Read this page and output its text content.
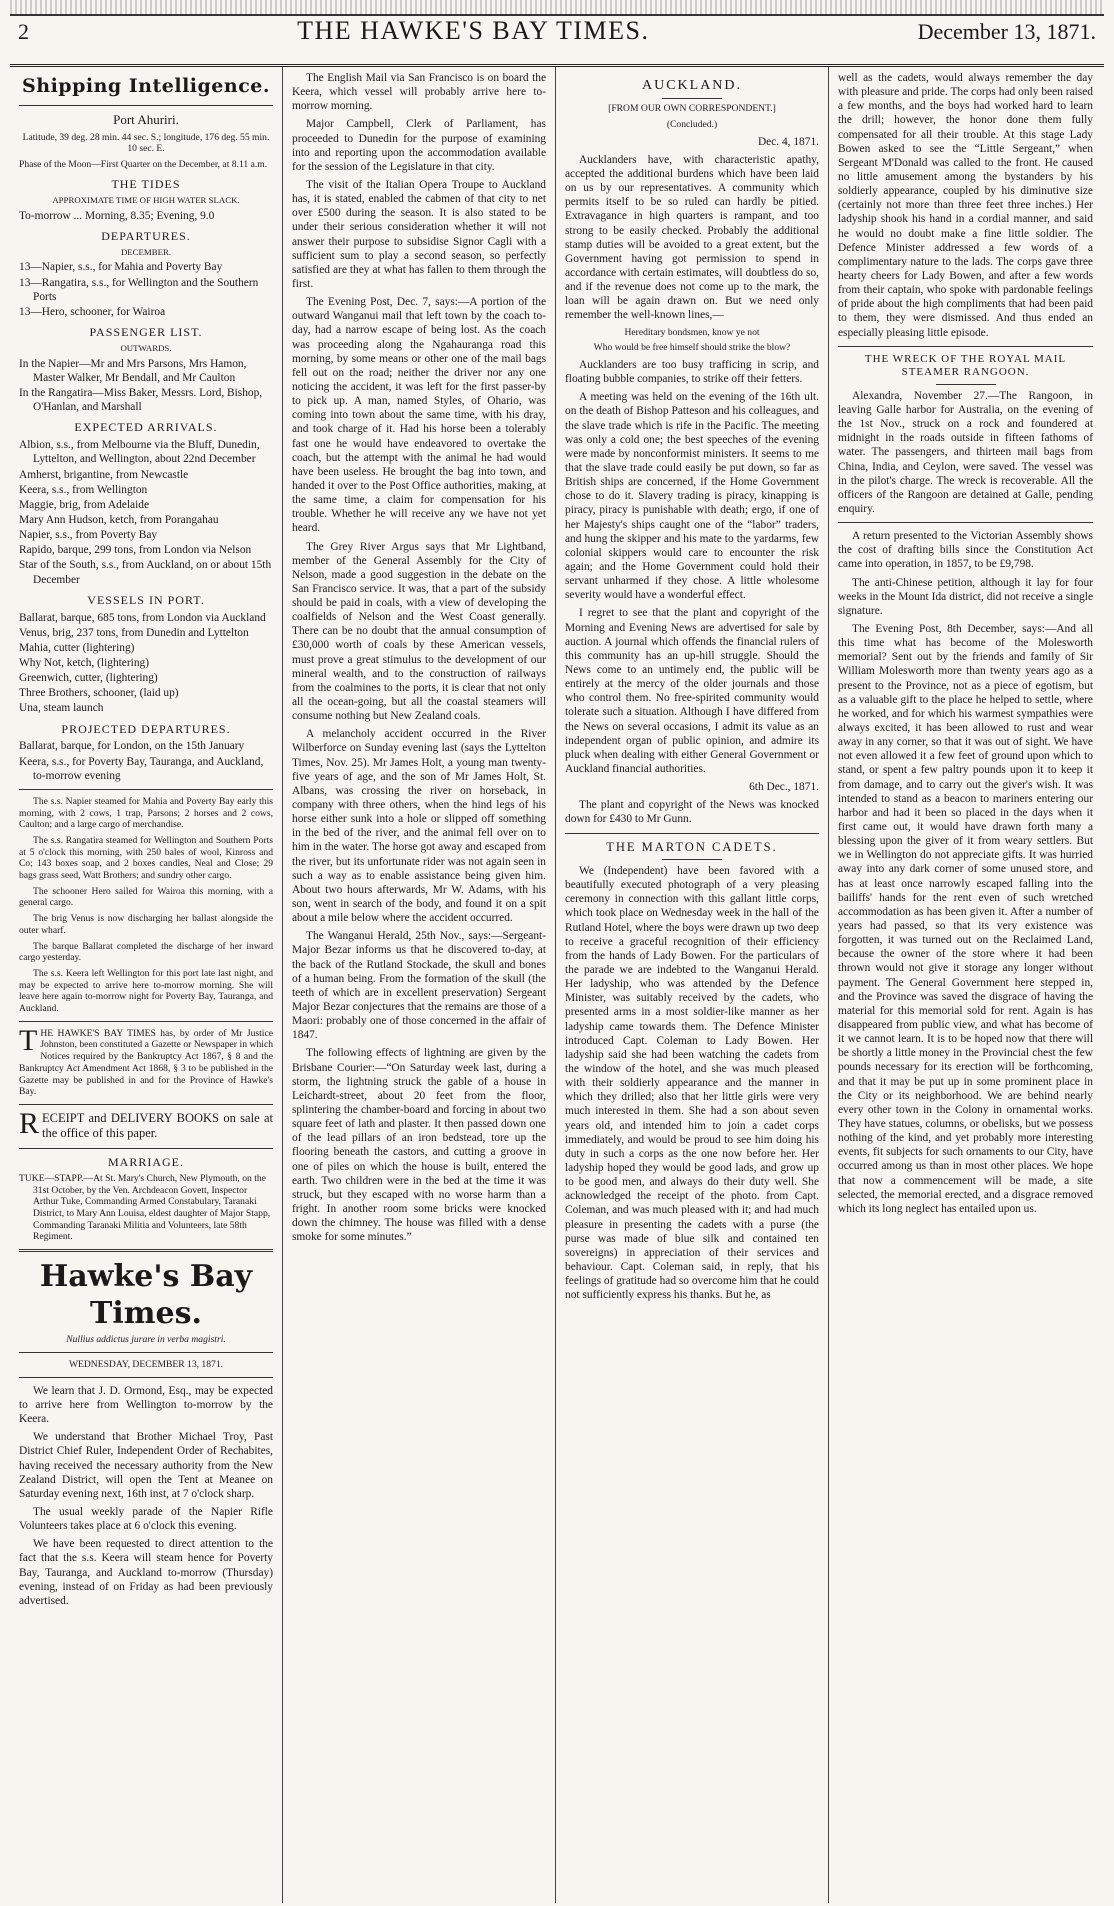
2	THE HAWKE'S BAY TIMES.	December 13, 1871.
Shipping Intelligence.

Port Ahuriri.

Latitude, 39 deg. 28 min. 44 sec. S.; longitude, 176 deg. 55 min. 10 sec. E.

Phase of the Moon—First Quarter on the December, at 8.11 a.m.

THE TIDES
APPROXIMATE TIME OF HIGH WATER SLACK.

To-morrow ... Morning, 8.35; Evening, 9.0

DEPARTURES.
DECEMBER.

13—Napier, s.s., for Mahia and Poverty Bay

13—Rangatira, s.s., for Wellington and the Southern Ports

13—Hero, schooner, for Wairoa

PASSENGER LIST.
OUTWARDS.

In the Napier—Mr and Mrs Parsons, Mrs Hamon, Master Walker, Mr Bendall, and Mr Caulton

In the Rangatira—Miss Baker, Messrs. Lord, Bishop, O'Hanlan, and Marshall

EXPECTED ARRIVALS.

Albion, s.s., from Melbourne via the Bluff, Dunedin, Lyttelton, and Wellington, about 22nd December

Amherst, brigantine, from Newcastle

Keera, s.s., from Wellington

Maggie, brig, from Adelaide

Mary Ann Hudson, ketch, from Porangahau

Napier, s.s., from Poverty Bay

Rapido, barque, 299 tons, from London via Nelson

Star of the South, s.s., from Auckland, on or about 15th December

VESSELS IN PORT.

Ballarat, barque, 685 tons, from London via Auckland

Venus, brig, 237 tons, from Dunedin and Lyttelton

Mahia, cutter (lightering)

Why Not, ketch, (lightering)

Greenwich, cutter, (lightering)

Three Brothers, schooner, (laid up)

Una, steam launch

PROJECTED DEPARTURES.

Ballarat, barque, for London, on the 15th January

Keera, s.s., for Poverty Bay, Tauranga, and Auckland, to-morrow evening

The s.s. Napier steamed for Mahia and Poverty Bay early this morning, with 2 cows, 1 trap, Parsons; 2 horses and 2 cows, Caulton; and a large cargo of merchandise.

The s.s. Rangatira steamed for Wellington and Southern Ports at 5 o'clock this morning, with 250 bales of wool, Kinross and Co; 143 boxes soap, and 2 boxes candles, Neal and Close; 29 bags grass seed, Watt Brothers; and sundry other cargo.

The schooner Hero sailed for Wairoa this morning, with a general cargo.

The brig Venus is now discharging her ballast alongside the outer wharf.

The barque Ballarat completed the discharge of her inward cargo yesterday.

The s.s. Keera left Wellington for this port late last night, and may be expected to arrive here to-morrow morning. She will leave here again to-morrow night for Poverty Bay, Tauranga, and Auckland.

THE HAWKE'S BAY TIMES has, by order of Mr Justice Johnston, been constituted a Gazette or Newspaper in which Notices required by the Bankruptcy Act 1867, § 8 and the Bankruptcy Act Amendment Act 1868, § 3 to be published in the Gazette may be published in and for the Province of Hawke's Bay.

RECEIPT and DELIVERY BOOKS on sale at the office of this paper.

MARRIAGE.

TUKE—STAPP.—At St. Mary's Church, New Plymouth, on the 31st October, by the Ven. Archdeacon Govett, Inspector Arthur Tuke, Commanding Armed Constabulary, Taranaki District, to Mary Ann Louisa, eldest daughter of Major Stapp, Commanding Taranaki Militia and Volunteers, late 58th Regiment.

Hawke's Bay Times.

Nullius addictus jurare in verba magistri.

WEDNESDAY, DECEMBER 13, 1871.

We learn that J. D. Ormond, Esq., may be expected to arrive here from Wellington to-morrow by the Keera.

We understand that Brother Michael Troy, Past District Chief Ruler, Independent Order of Rechabites, having received the necessary authority from the New Zealand District, will open the Tent at Meanee on Saturday evening next, 16th inst, at 7 o'clock sharp.

The usual weekly parade of the Napier Rifle Volunteers takes place at 6 o'clock this evening.

We have been requested to direct attention to the fact that the s.s. Keera will steam hence for Poverty Bay, Tauranga, and Auckland to-morrow (Thursday) evening, instead of on Friday as had been previously advertised.

The English Mail via San Francisco is on board the Keera, which vessel will probably arrive here to-morrow morning.

Major Campbell, Clerk of Parliament, has proceeded to Dunedin for the purpose of examining into and reporting upon the accommodation available for the session of the Legislature in that city.

The visit of the Italian Opera Troupe to Auckland has, it is stated, enabled the cabmen of that city to net over £500 during the season. It is also stated to be under their serious consideration whether it will not answer their purpose to subsidise Signor Cagli with a sufficient sum to play a second season, so perfectly satisfied are they at what has fallen to them through the first.

The Evening Post, Dec. 7, says:—A portion of the outward Wanganui mail that left town by the coach to-day, had a narrow escape of being lost. As the coach was proceeding along the Ngahauranga road this morning, by some means or other one of the mail bags fell out on the road; neither the driver nor any one noticing the accident, it was left for the first passer-by to pick up. A man, named Styles, of Ohario, was coming into town about the same time, with his dray, and took charge of it. Had his horse been a tolerably fast one he would have endeavored to overtake the coach, but the attempt with the animal he had would have been useless. He brought the bag into town, and handed it over to the Post Office authorities, making, at the same time, a claim for compensation for his trouble. Whether he will receive any we have not yet heard.

The Grey River Argus says that Mr Lightband, member of the General Assembly for the City of Nelson, made a good suggestion in the debate on the San Francisco service. It was, that a part of the subsidy should be paid in coals, with a view of developing the coalfields of Nelson and the West Coast generally. There can be no doubt that the annual consumption of £30,000 worth of coals by these American vessels, must prove a great stimulus to the development of our mineral wealth, and to the construction of railways from the coalmines to the ports, it is clear that not only all the ocean-going, but all the coastal steamers will consume nothing but New Zealand coals.

A melancholy accident occurred in the River Wilberforce on Sunday evening last (says the Lyttelton Times, Nov. 25). Mr James Holt, a young man twenty-five years of age, and the son of Mr James Holt, St. Albans, was crossing the river on horseback, in company with three others, when the hind legs of his horse either sunk into a hole or slipped off something in the bed of the river, and the animal fell over on to him in the water. The horse got away and escaped from the river, but its unfortunate rider was not again seen in such a way as to enable assistance being given him. About two hours afterwards, Mr W. Adams, with his son, went in search of the body, and found it on a spit about a mile below where the accident occurred.

The Wanganui Herald, 25th Nov., says:—Sergeant-Major Bezar informs us that he discovered to-day, at the back of the Rutland Stockade, the skull and bones of a human being. From the formation of the skull (the teeth of which are in excellent preservation) Sergeant Major Bezar conjectures that the remains are those of a Maori: probably one of those concerned in the affair of 1847.

The following effects of lightning are given by the Brisbane Courier:—“On Saturday week last, during a storm, the lightning struck the gable of a house in Leichardt-street, about 20 feet from the floor, splintering the chamber-board and forcing in about two square feet of lath and plaster. It then passed down one of the lead pillars of an iron bedstead, tore up the flooring beneath the castors, and cutting a groove in one of piles on which the house is built, entered the earth. Two children were in the bed at the time it was struck, but they escaped with no worse harm than a fright. In another room some bricks were knocked down the chimney. The house was filled with a dense smoke for some minutes.”

AUCKLAND.

[FROM OUR OWN CORRESPONDENT.]

(Concluded.)

Dec. 4, 1871.

Aucklanders have, with characteristic apathy, accepted the additional burdens which have been laid on us by our representatives. A community which permits itself to be so ruled can hardly be pitied. Extravagance in high quarters is rampant, and too strong to be easily checked. Probably the additional stamp duties will be avoided to a great extent, but the Government having got permission to spend in accordance with certain estimates, will doubtless do so, and if the revenue does not come up to the mark, the loan will be again drawn on. But we need only remember the well-known lines,—

Hereditary bondsmen, know ye not

Who would be free himself should strike the blow?

Aucklanders are too busy trafficing in scrip, and floating bubble companies, to strike off their fetters.

A meeting was held on the evening of the 16th ult. on the death of Bishop Patteson and his colleagues, and the slave trade which is rife in the Pacific. The meeting was only a cold one; the best speeches of the evening were made by nonconformist ministers. It seems to me that the slave trade could easily be put down, so far as British ships are concerned, if the Home Government chose to do it. Slavery trading is piracy, kinapping is piracy, piracy is punishable with death; ergo, if one of her Majesty's ships caught one of the “labor” traders, and hung the skipper and his mate to the yardarms, few colonial skippers would care to encounter the risk again; and the Home Government could hold their servant unharmed if they chose. A little wholesome severity would have a wonderful effect.

I regret to see that the plant and copyright of the Morning and Evening News are advertised for sale by auction. A journal which offends the financial rulers of this community has an up-hill struggle. Should the News come to an untimely end, the public will be entirely at the mercy of the older journals and those who control them. No free-spirited community would tolerate such a situation. Although I have differed from the News on several occasions, I admit its value as an independent organ of public opinion, and admire its pluck when dealing with either General Government or Auckland financial authorities.

6th Dec., 1871.

The plant and copyright of the News was knocked down for £430 to Mr Gunn.

THE MARTON CADETS.

We (Independent) have been favored with a beautifully executed photograph of a very pleasing ceremony in connection with this gallant little corps, which took place on Wednesday week in the hall of the Rutland Hotel, where the boys were drawn up two deep to receive a graceful recognition of their efficiency from the hands of Lady Bowen. For the particulars of the parade we are indebted to the Wanganui Herald. Her ladyship, who was attended by the Defence Minister, was suitably received by the cadets, who presented arms in a most soldier-like manner as her ladyship came towards them. The Defence Minister introduced Capt. Coleman to Lady Bowen. Her ladyship said she had been watching the cadets from the window of the hotel, and she was much pleased with their soldierly appearance and the manner in which they drilled; also that her little girls were very much interested in them. She had a son about seven years old, and intended him to join a cadet corps immediately, and would be proud to see him doing his duty in such a corps as the one now before her. Her ladyship hoped they would be good lads, and grow up to be good men, and always do their duty well. She acknowledged the receipt of the photo. from Capt. Coleman, and was much pleased with it; and had much pleasure in presenting the cadets with a purse (the purse was made of blue silk and contained ten sovereigns) in appreciation of their services and behaviour. Capt. Coleman said, in reply, that his feelings of gratitude had so overcome him that he could not sufficiently express his thanks. But he, as

well as the cadets, would always remember the day with pleasure and pride. The corps had only been raised a few months, and the boys had worked hard to learn the drill; however, the honor done them fully compensated for all their trouble. At this stage Lady Bowen asked to see the “Little Sergeant,” when Sergeant M'Donald was called to the front. He caused no little amusement among the bystanders by his soldierly appearance, coupled by his diminutive size (certainly not more than three feet three inches.) Her ladyship shook his hand in a cordial manner, and said he would no doubt make a fine little soldier. The Defence Minister addressed a few words of a complimentary nature to the lads. The corps gave three hearty cheers for Lady Bowen, and after a few words from their captain, who spoke with pardonable feelings of pride about the high compliments that had been paid to them, they were dismissed. And thus ended an especially pleasing little episode.

THE WRECK OF THE ROYAL MAIL STEAMER RANGOON.

Alexandra, November 27.—The Rangoon, in leaving Galle harbor for Australia, on the evening of the 1st Nov., struck on a rock and foundered at midnight in the roads outside in fifteen fathoms of water. The passengers, and thirteen mail bags from China, India, and Ceylon, were saved. The vessel was in the pilot's charge. The wreck is recoverable. All the officers of the Rangoon are detained at Galle, pending enquiry.

A return presented to the Victorian Assembly shows the cost of drafting bills since the Constitution Act came into operation, in 1857, to be £9,798.

The anti-Chinese petition, although it lay for four weeks in the Mount Ida district, did not receive a single signature.

The Evening Post, 8th December, says:—And all this time what has become of the Molesworth memorial? Sent out by the friends and family of Sir William Molesworth more than twenty years ago as a present to the Province, not as a piece of egotism, but as a valuable gift to the place he helped to settle, where he worked, and for which his warmest sympathies were always excited, it has been allowed to rust and wear away in any corner, so that it was out of sight. We have not even allowed it a few feet of ground upon which to stand, or spent a few paltry pounds upon it to keep it from damage, and to carry out the giver's wish. It was intended to stand as a beacon to mariners entering our harbor and had it been so placed in the days when it first came out, it would have drawn forth many a blessing upon the giver of it from weary settlers. But we in Wellington do not appreciate gifts. It was hurried away into any dark corner of some unused store, and has at least once narrowly escaped falling into the bailiffs' hands for the rent even of such wretched accommodation as has been given it. After a number of years had passed, so that its very existence was forgotten, it was turned out on the Reclaimed Land, because the owner of the store where it had been thrown would not give it storage any longer without payment. The General Government here stepped in, and the Province was saved the disgrace of having the material for this memorial sold for rent. Again is has disappeared from public view, and what has become of it we cannot learn. It is to be hoped now that there will be shortly a little money in the Provincial chest the few pounds necessary for its erection will be forthcoming, and that it may be put up in some prominent place in the City or its neighborhood. We are behind nearly every other town in the Colony in ornamental works. They have statues, columns, or obelisks, but we possess nothing of the kind, and yet probably more interesting events, fit subjects for such ornaments to our City, have occurred among us than in most other places. We hope that now a commencement will be made, a site selected, the memorial erected, and a disgrace removed which its long neglect has entailed upon us.
